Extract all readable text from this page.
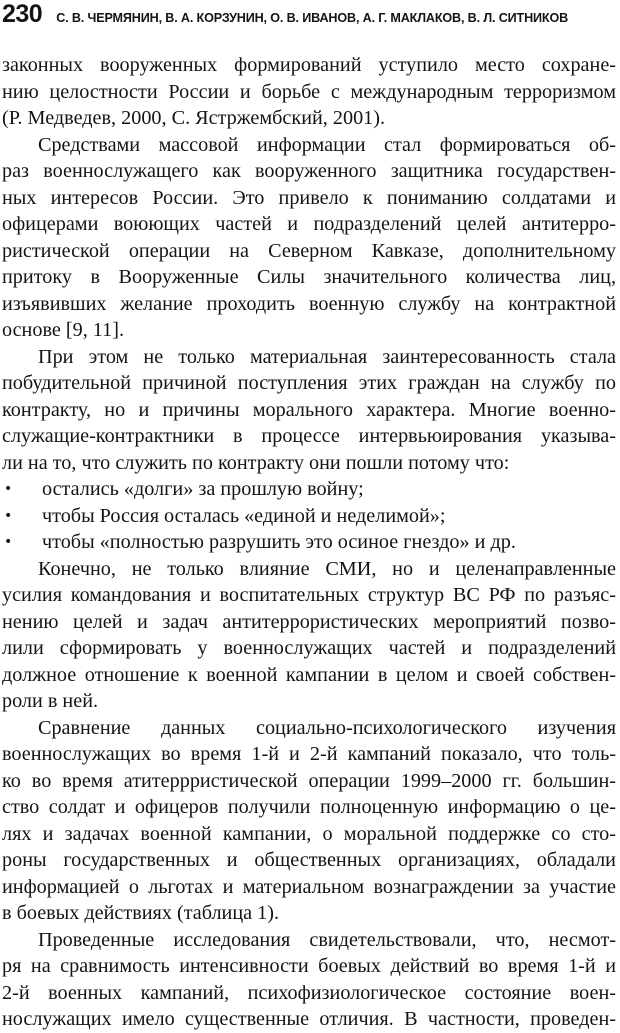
230 С. В. ЧЕРМЯНИН, В. А. КОРЗУНИН, О. В. ИВАНОВ, А. Г. МАКЛАКОВ, В. Л. СИТНИКОВ
законных вооруженных формирований уступило место сохране-
нию целостности России и борьбе с международным терроризмом
(Р. Медведев, 2000, С. Ястржембский, 2001).
Средствами массовой информации стал формироваться об-
раз военнослужащего как вооруженного защитника государствен-
ных интересов России. Это привело к пониманию солдатами и
офицерами воюющих частей и подразделений целей антитерро-
ристической операции на Северном Кавказе, дополнительному
притоку в Вооруженные Силы значительного количества лиц,
изъявивших желание проходить военную службу на контрактной
основе [9, 11].
При этом не только материальная заинтересованность стала
побудительной причиной поступления этих граждан на службу по
контракту, но и причины морального характера. Многие военно-
служащие-контрактники в процессе интервьюирования указыва-
ли на то, что служить по контракту они пошли потому что:
•	остались «долги» за прошлую войну;
•	чтобы Россия осталась «единой и неделимой»;
•	чтобы «полностью разрушить это осиное гнездо» и др.
Конечно, не только влияние СМИ, но и целенаправленные
усилия командования и воспитательных структур ВС РФ по разъяс-
нению целей и задач антитеррористических мероприятий позво-
лили сформировать у военнослужащих частей и подразделений
должное отношение к военной кампании в целом и своей собствен-
роли в ней.
Сравнение данных социально-психологического изучения
военнослужащих во время 1-й и 2-й кампаний показало, что толь-
ко во время атитеррристической операции 1999–2000 гг. большин-
ство солдат и офицеров получили полноценную информацию о це-
лях и задачах военной кампании, о моральной поддержке со сто-
роны государственных и общественных организациях, обладали
информацией о льготах и материальном вознаграждении за участие
в боевых действиях (таблица 1).
Проведенные исследования свидетельствовали, что, несмот-
ря на сравнимость интенсивности боевых действий во время 1-й и
2-й военных кампаний, психофизиологическое состояние воен-
нослужащих имело существенные отличия. В частности, проведен-
